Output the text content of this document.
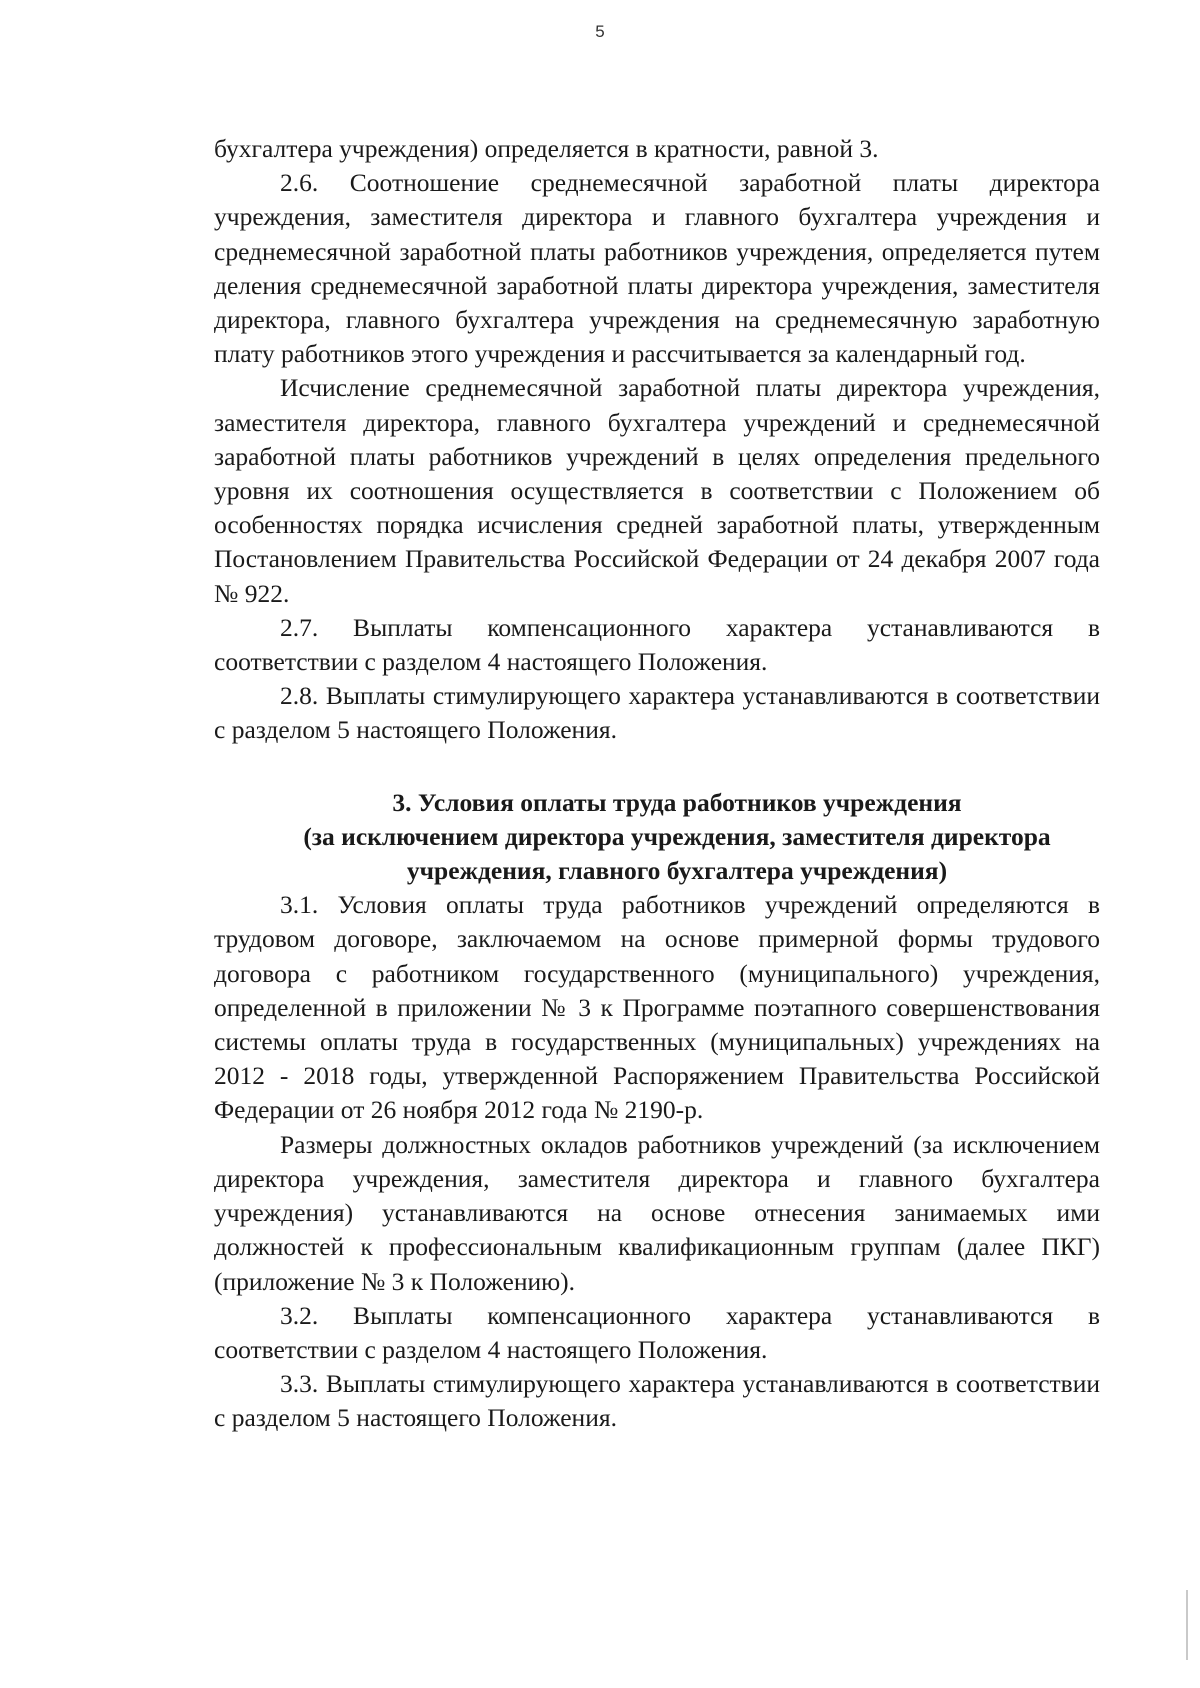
5

бухгалтера учреждения) определяется в кратности, равной 3.

2.6. Соотношение среднемесячной заработной платы директора учреждения, заместителя директора и главного бухгалтера учреждения и среднемесячной заработной платы работников учреждения, определяется путем деления среднемесячной заработной платы директора учреждения, заместителя директора, главного бухгалтера учреждения на среднемесячную заработную плату работников этого учреждения и рассчитывается за календарный год.

Исчисление среднемесячной заработной платы директора учреждения, заместителя директора, главного бухгалтера учреждений и среднемесячной заработной платы работников учреждений в целях определения предельного уровня их соотношения осуществляется в соответствии с Положением об особенностях порядка исчисления средней заработной платы, утвержденным Постановлением Правительства Российской Федерации от 24 декабря 2007 года № 922.

2.7. Выплаты компенсационного характера устанавливаются в соответствии с разделом 4 настоящего Положения.

2.8. Выплаты стимулирующего характера устанавливаются в соответствии с разделом 5 настоящего Положения.

3. Условия оплаты труда работников учреждения
(за исключением директора учреждения, заместителя директора
учреждения, главного бухгалтера учреждения)

3.1. Условия оплаты труда работников учреждений определяются в трудовом договоре, заключаемом на основе примерной формы трудового договора с работником государственного (муниципального) учреждения, определенной в приложении № 3 к Программе поэтапного совершенствования системы оплаты труда в государственных (муниципальных) учреждениях на 2012 - 2018 годы, утвержденной Распоряжением Правительства Российской Федерации от 26 ноября 2012 года № 2190-р.

Размеры должностных окладов работников учреждений (за исключением директора учреждения, заместителя директора и главного бухгалтера учреждения) устанавливаются на основе отнесения занимаемых ими должностей к профессиональным квалификационным группам (далее ПКГ) (приложение № 3 к Положению).

3.2. Выплаты компенсационного характера устанавливаются в соответствии с разделом 4 настоящего Положения.

3.3. Выплаты стимулирующего характера устанавливаются в соответствии с разделом 5 настоящего Положения.
